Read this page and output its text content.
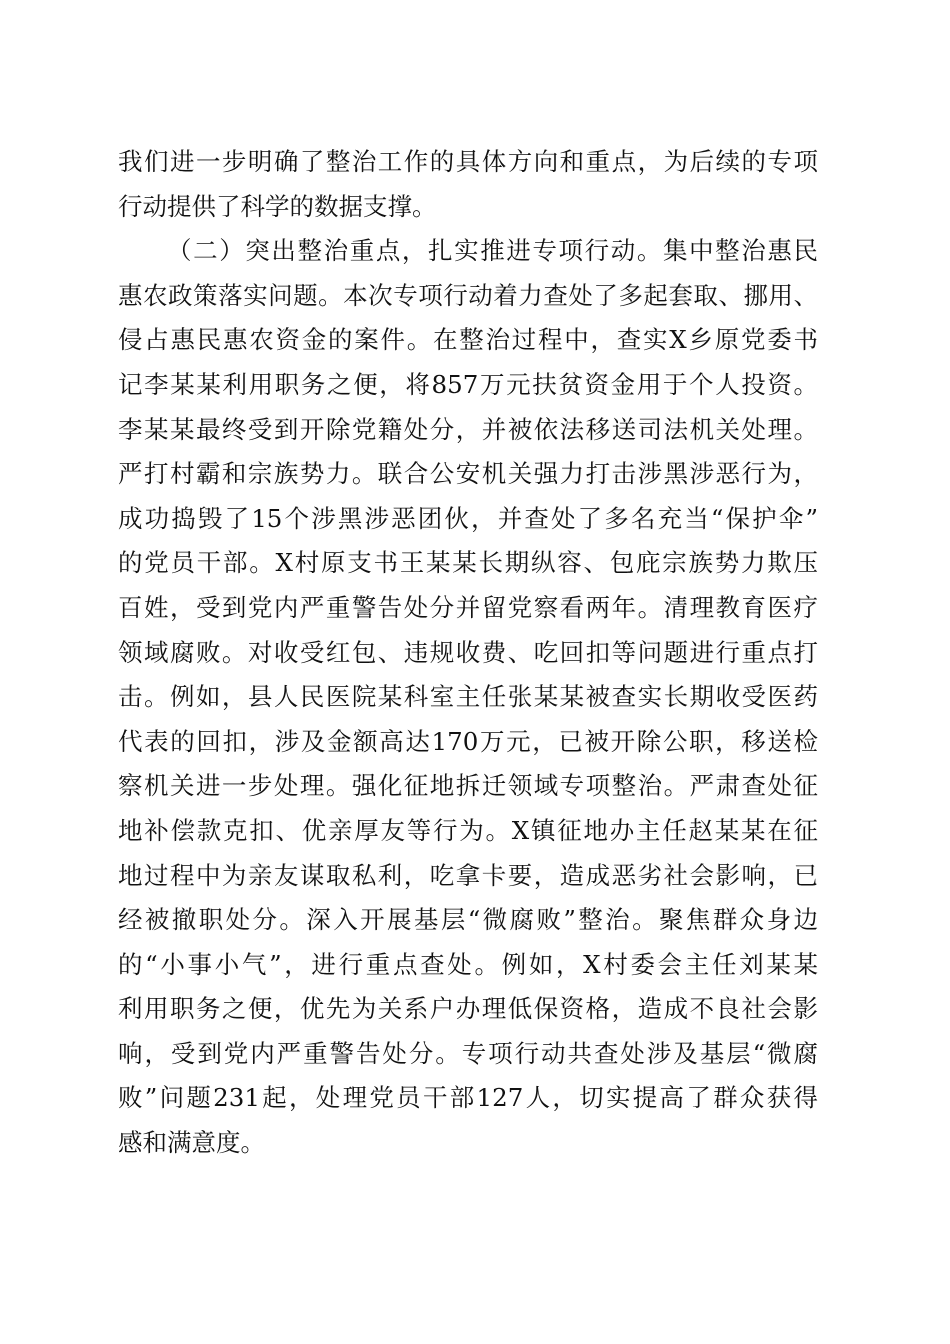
我们进一步明确了整治工作的具体方向和重点，为后续的专项
行动提供了科学的数据支撑。
（二）突出整治重点，扎实推进专项行动。集中整治惠民
惠农政策落实问题。本次专项行动着力查处了多起套取、挪用、
侵占惠民惠农资金的案件。在整治过程中，查实X乡原党委书
记李某某利用职务之便，将857万元扶贫资金用于个人投资。
李某某最终受到开除党籍处分，并被依法移送司法机关处理。
严打村霸和宗族势力。联合公安机关强力打击涉黑涉恶行为，
成功捣毁了15个涉黑涉恶团伙，并查处了多名充当“保护伞”
的党员干部。X村原支书王某某长期纵容、包庇宗族势力欺压
百姓，受到党内严重警告处分并留党察看两年。清理教育医疗
领域腐败。对收受红包、违规收费、吃回扣等问题进行重点打
击。例如，县人民医院某科室主任张某某被查实长期收受医药
代表的回扣，涉及金额高达170万元，已被开除公职，移送检
察机关进一步处理。强化征地拆迁领域专项整治。严肃查处征
地补偿款克扣、优亲厚友等行为。X镇征地办主任赵某某在征
地过程中为亲友谋取私利，吃拿卡要，造成恶劣社会影响，已
经被撤职处分。深入开展基层“微腐败”整治。聚焦群众身边
的“小事小气”，进行重点查处。例如，X村委会主任刘某某
利用职务之便，优先为关系户办理低保资格，造成不良社会影
响，受到党内严重警告处分。专项行动共查处涉及基层“微腐
败”问题231起，处理党员干部127人，切实提高了群众获得
感和满意度。
